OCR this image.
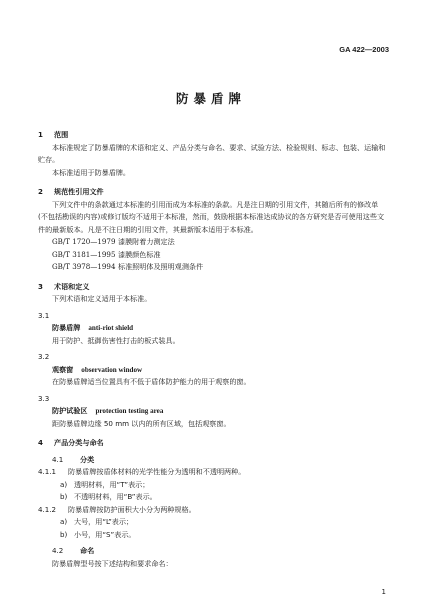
GA 422—2003
防暴盾牌
1 范围
本标准规定了防暴盾牌的术语和定义、产品分类与命名、要求、试验方法、检验规则、标志、包装、运输和贮存。
本标准适用于防暴盾牌。
2 规范性引用文件
下列文件中的条款通过本标准的引用而成为本标准的条款。凡是注日期的引用文件，其随后所有的修改单(不包括勘误的内容)或修订版均不适用于本标准，然而，鼓励根据本标准达成协议的各方研究是否可使用这些文件的最新版本。凡是不注日期的引用文件，其最新版本适用于本标准。
GB/T 1720—1979 漆膜附着力测定法
GB/T 3181—1995 漆膜颜色标准
GB/T 3978—1994 标准照明体及照明观测条件
3 术语和定义
下列术语和定义适用于本标准。
3.1
防暴盾牌 anti-riot shield
用于防护、抵御伤害性打击的板式装具。
3.2
观察窗 observation window
在防暴盾牌适当位置具有不低于盾体防护能力的用于观察的窗。
3.3
防护试验区 protection testing area
距防暴盾牌边缘 50 mm 以内的所有区域，包括观察窗。
4 产品分类与命名
4.1 分类
4.1.1 防暴盾牌按盾体材料的光学性能分为透明和不透明两种。
a) 透明材料，用“T”表示；
b) 不透明材料，用“B”表示。
4.1.2 防暴盾牌按防护面积大小分为两种规格。
a) 大号，用“L”表示；
b) 小号，用“S”表示。
4.2 命名
防暴盾牌型号按下述结构和要求命名：
1
